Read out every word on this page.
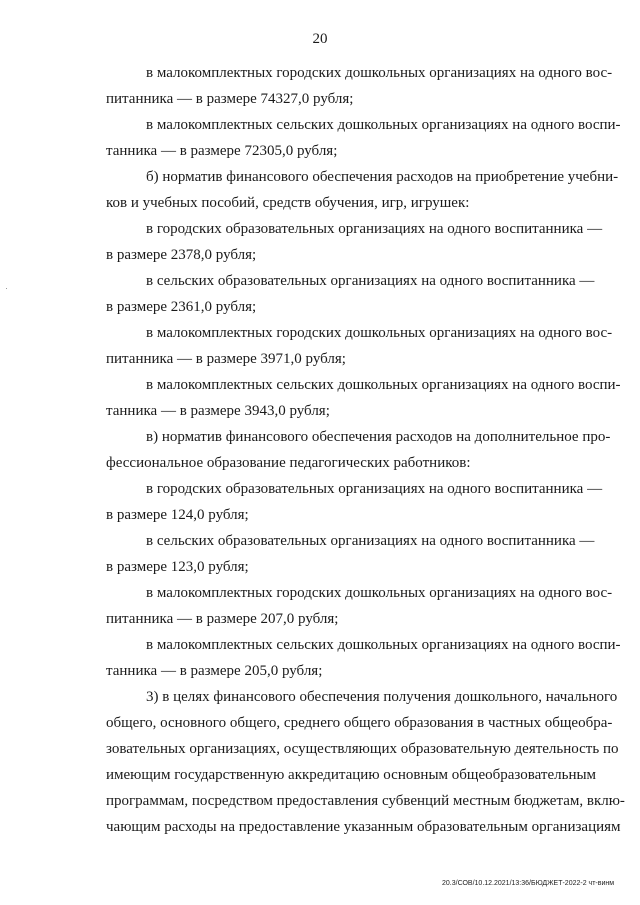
20
в малокомплектных городских дошкольных организациях на одного вос-
питанника — в размере 74327,0 рубля;
в малокомплектных сельских дошкольных организациях на одного воспи-
танника — в размере 72305,0 рубля;
б) норматив финансового обеспечения расходов на приобретение учебни-
ков и учебных пособий, средств обучения, игр, игрушек:
в городских образовательных организациях на одного воспитанника —
в размере 2378,0 рубля;
в сельских образовательных организациях на одного воспитанника —
в размере 2361,0 рубля;
в малокомплектных городских дошкольных организациях на одного вос-
питанника — в размере 3971,0 рубля;
в малокомплектных сельских дошкольных организациях на одного воспи-
танника — в размере 3943,0 рубля;
в) норматив финансового обеспечения расходов на дополнительное про-
фессиональное образование педагогических работников:
в городских образовательных организациях на одного воспитанника —
в размере 124,0 рубля;
в сельских образовательных организациях на одного воспитанника —
в размере 123,0 рубля;
в малокомплектных городских дошкольных организациях на одного вос-
питанника — в размере 207,0 рубля;
в малокомплектных сельских дошкольных организациях на одного воспи-
танника — в размере 205,0 рубля;
3) в целях финансового обеспечения получения дошкольного, начального
общего, основного общего, среднего общего образования в частных общеобра-
зовательных организациях, осуществляющих образовательную деятельность по
имеющим государственную аккредитацию основным общеобразовательным
программам, посредством предоставления субвенций местным бюджетам, вклю-
чающим расходы на предоставление указанным образовательным организациям
20.3/СОВ/10.12.2021/13:36/БЮДЖЕТ-2022-2 чт-винм
